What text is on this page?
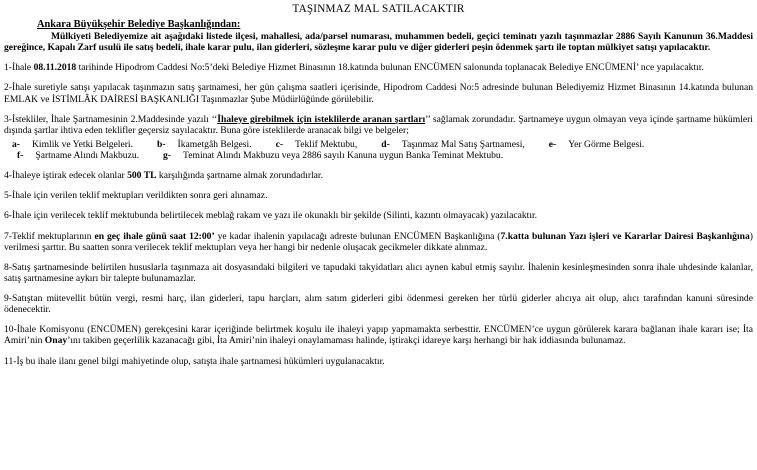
TAŞINMAZ MAL SATILACAKTIR
Ankara Büyükşehir Belediye Başkanlığından:

Mülkiyeti Belediyemize ait aşağıdaki listede ilçesi, mahallesi, ada/parsel numarası, muhammen bedeli, geçici teminatı yazılı taşınmazlar 2886 Sayılı Kanunun 36.Maddesi gereğince, Kapalı Zarf usulü ile satış bedeli, ihale karar pulu, ilan giderleri, sözleşme karar pulu ve diğer giderleri peşin ödenmek şartı ile toptan mülkiyet satışı yapılacaktır.

1-İhale 08.11.2018 tarihinde Hipodrom Caddesi No:5’deki Belediye Hizmet Binasının 18.katında bulunan ENCÜMEN salonunda toplanacak Belediye ENCÜMENİ’ nce yapılacaktır.

2-İhale suretiyle satışı yapılacak taşınmazın satış şartnamesi, her gün çalışma saatleri içerisinde, Hipodrom Caddesi No:5 adresinde bulunan Belediyemiz Hizmet Binasının 14.katında bulunan EMLAK ve İSTİMLÂK DAİRESİ BAŞKANLIĞI Taşınmazlar Şube Müdürlüğünde görülebilir.

3-İstekliler, İhale Şartnamesinin 2.Maddesinde yazılı ‘‘İhaleye girebilmek için isteklilerde aranan şartları’’ sağlamak zorundadır. Şartnameye uygun olmayan veya içinde şartname hükümleri dışında şartlar ihtiva eden teklifler geçersiz sayılacaktır. Buna göre isteklilerde aranacak bilgi ve belgeler;
a- Kimlik ve Yetki Belgeleri.	b- İkametgâh Belgesi.	c- Teklif Mektubu,	d- Taşınmaz Mal Satış Şartnamesi,	e- Yer Görme Belgesi.
f- Şartname Alındı Makbuzu.	g- Teminat Alındı Makbuzu veya 2886 sayılı Kanuna uygun Banka Teminat Mektubu.

4-İhaleye iştirak edecek olanlar 500 TL karşılığında şartname almak zorundadırlar.

5-İhale için verilen teklif mektupları verildikten sonra geri alınamaz.

6-İhale için verilecek teklif mektubunda belirtilecek meblağ rakam ve yazı ile okunaklı bir şekilde (Silinti, kazıntı olmayacak) yazılacaktır.

7-Teklif mektuplarının en geç ihale günü saat 12:00’ ye kadar ihalenin yapılacağı adreste bulunan ENCÜMEN Başkanlığına (7.katta bulunan Yazı işleri ve Kararlar Dairesi Başkanlığına) verilmesi şarttır. Bu saatten sonra verilecek teklif mektupları veya her hangi bir nedenle oluşacak gecikmeler dikkate alınmaz.

8-Satış şartnamesinde belirtilen hususlarla taşınmaza ait dosyasındaki bilgileri ve tapudaki takyidatları alıcı aynen kabul etmiş sayılır. İhalenin kesinleşmesinden sonra ihale uhdesinde kalanlar, satış şartnamesine aykırı bir talepte bulunamazlar.

9-Satıştan mütevellit bütün vergi, resmi harç, ilan giderleri, tapu harçları, alım satım giderleri gibi ödenmesi gereken her türlü giderler alıcıya ait olup, alıcı tarafından kanuni süresinde ödenecektir.

10-İhale Komisyonu (ENCÜMEN) gerekçesini karar içeriğinde belirtmek koşulu ile ihaleyi yapıp yapmamakta serbesttir. ENCÜMEN’ce uygun görülerek karara bağlanan ihale kararı ise; İta Amiri’nin Onay’ını takiben geçerlilik kazanacağı gibi, İta Amiri’nin ihaleyi onaylamaması halinde, iştirakçi idareye karşı herhangi bir hak iddiasında bulunamaz.

11-İş bu ihale ilanı genel bilgi mahiyetinde olup, satışta ihale şartnamesi hükümleri uygulanacaktır.
